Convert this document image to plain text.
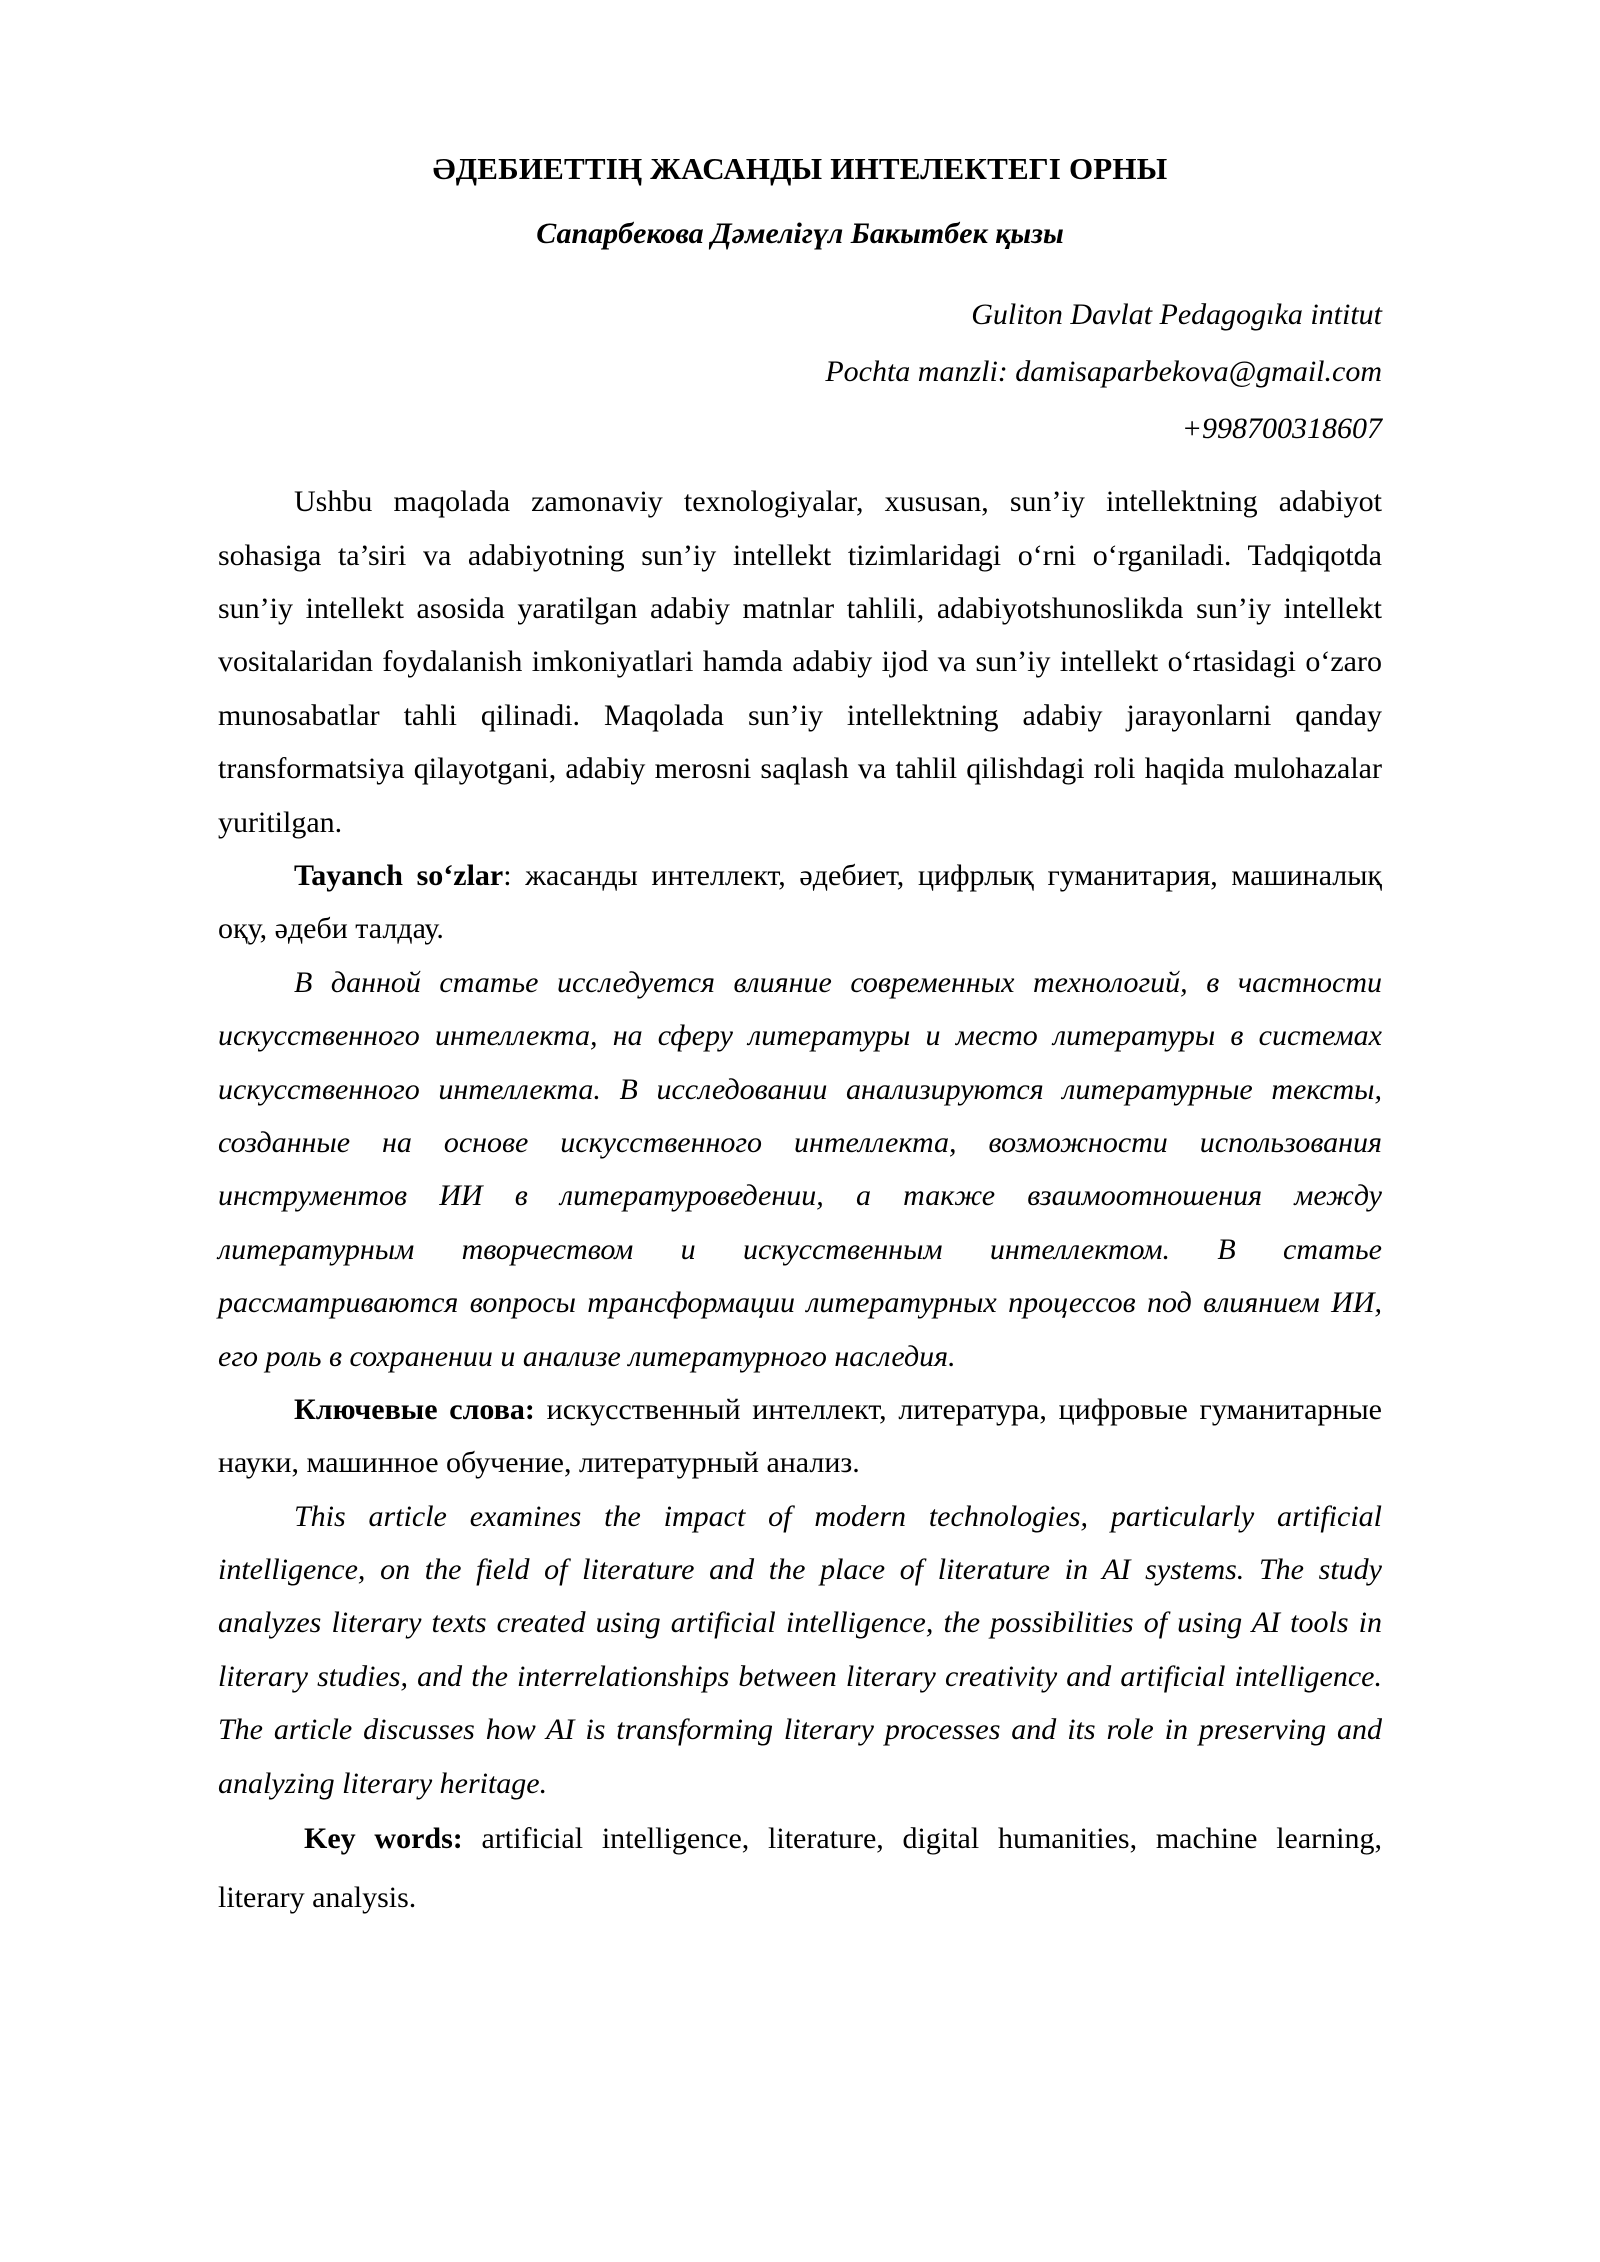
ӘДЕБИЕТТІҢ ЖАСАНДЫ ИНТЕЛЕКТЕГІ ОРНЫ

Сапарбекова Дәмелігүл Бакытбек қызы

Guliton Davlat Pedagogıka intitut

Pochta manzli: damisaparbekova@gmail.com

+998700318607

Ushbu maqolada zamonaviy texnologiyalar, xususan, sun’iy intellektning adabiyot sohasiga ta’siri va adabiyotning sun’iy intellekt tizimlaridagi o‘rni o‘rganiladi. Tadqiqotda sun’iy intellekt asosida yaratilgan adabiy matnlar tahlili, adabiyotshunoslikda sun’iy intellekt vositalaridan foydalanish imkoniyatlari hamda adabiy ijod va sun’iy intellekt o‘rtasidagi o‘zaro munosabatlar tahli qilinadi. Maqolada sun’iy intellektning adabiy jarayonlarni qanday transformatsiya qilayotgani, adabiy merosni saqlash va tahlil qilishdagi roli haqida mulohazalar yuritilgan.

Tayanch so‘zlar: жасанды интеллект, әдебиет, цифрлық гуманитария, машиналық оқу, әдеби талдау.

В данной статье исследуется влияние современных технологий, в частности искусственного интеллекта, на сферу литературы и место литературы в системах искусственного интеллекта. В исследовании анализируются литературные тексты, созданные на основе искусственного интеллекта, возможности использования инструментов ИИ в литературоведении, а также взаимоотношения между литературным творчеством и искусственным интеллектом. В статье рассматриваются вопросы трансформации литературных процессов под влиянием ИИ, его роль в сохранении и анализе литературного наследия.

Ключевые слова: искусственный интеллект, литература, цифровые гуманитарные науки, машинное обучение, литературный анализ.

This article examines the impact of modern technologies, particularly artificial intelligence, on the field of literature and the place of literature in AI systems. The study analyzes literary texts created using artificial intelligence, the possibilities of using AI tools in literary studies, and the interrelationships between literary creativity and artificial intelligence. The article discusses how AI is transforming literary processes and its role in preserving and analyzing literary heritage.

Key words: artificial intelligence, literature, digital humanities, machine learning, literary analysis.
